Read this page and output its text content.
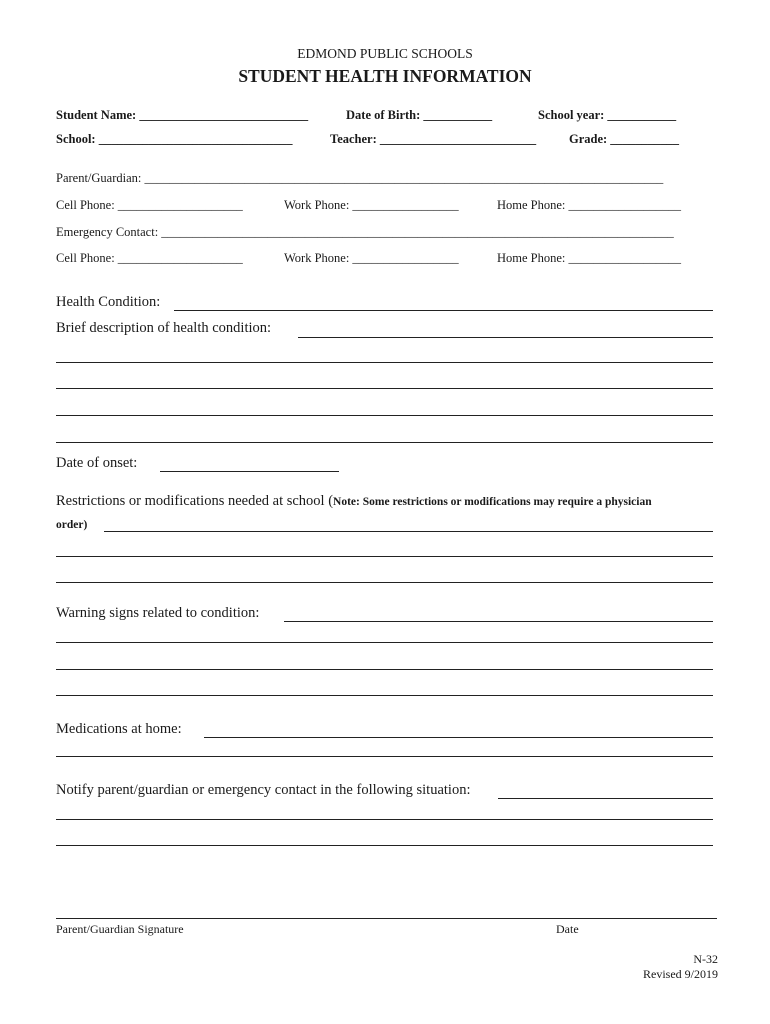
EDMOND PUBLIC SCHOOLS
STUDENT HEALTH INFORMATION
Student Name: ___________________________	Date of Birth: ___________	School year: ___________
School: _______________________________	Teacher: _________________________	Grade: ___________
Parent/Guardian: ___________________________________________________________________________________
Cell Phone: ____________________	Work Phone: _________________	Home Phone: __________________
Emergency Contact: __________________________________________________________________________________
Cell Phone: ____________________	Work Phone: _________________	Home Phone: __________________
Health Condition:
Brief description of health condition:
Date of onset:
Restrictions or modifications needed at school (Note: Some restrictions or modifications may require a physician
order)
Warning signs related to condition:
Medications at home:
Notify parent/guardian or emergency contact in the following situation:
Parent/Guardian Signature	Date
N-32
Revised 9/2019
